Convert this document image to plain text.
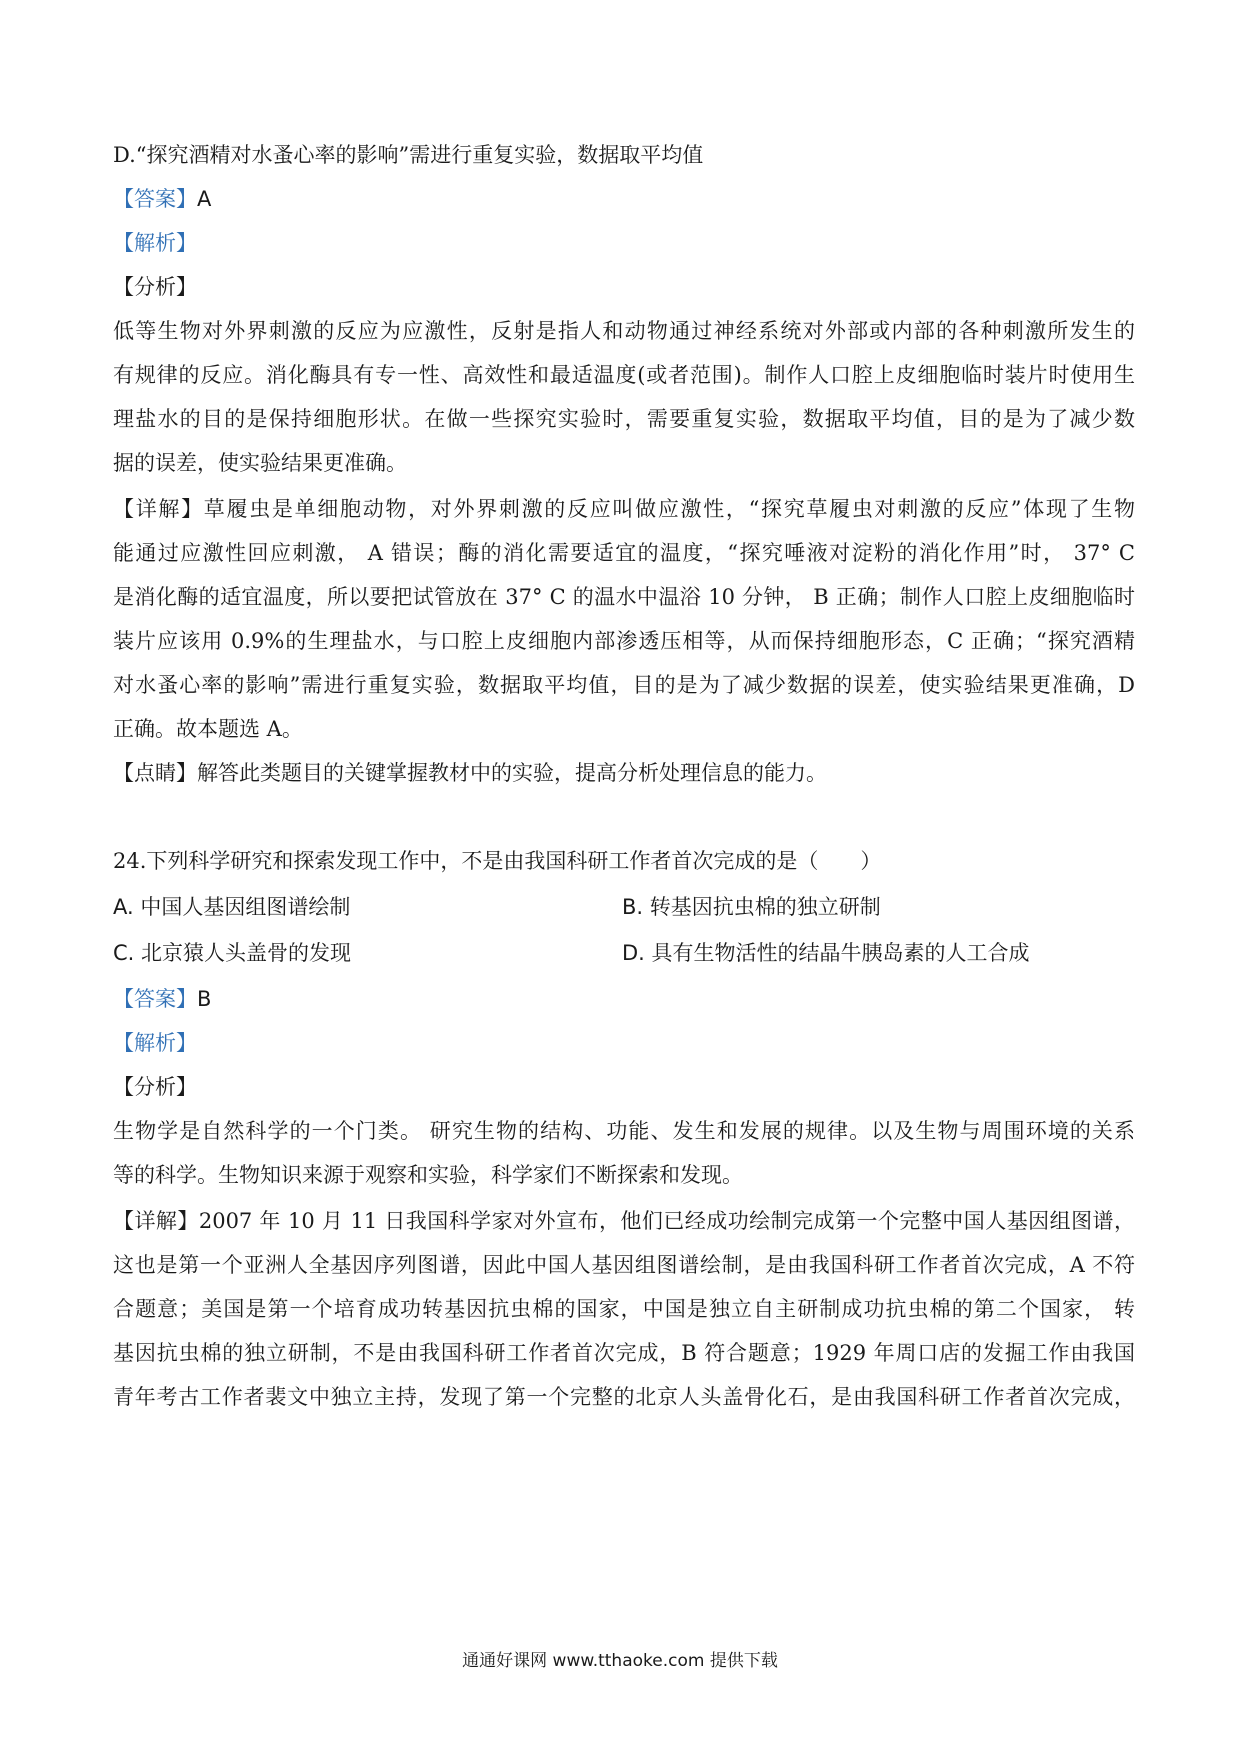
D.“探究酒精对水蚤心率的影响”需进行重复实验，数据取平均值
【答案】A
【解析】
【分析】
低等生物对外界刺激的反应为应激性，反射是指人和动物通过神经系统对外部或内部的各种刺激所发生的
有规律的反应。消化酶具有专一性、高效性和最适温度(或者范围)。制作人口腔上皮细胞临时装片时使用生
理盐水的目的是保持细胞形状。在做一些探究实验时，需要重复实验，数据取平均值，目的是为了减少数
据的误差，使实验结果更准确。
【详解】草履虫是单细胞动物，对外界刺激的反应叫做应激性，“探究草履虫对刺激的反应”体现了生物
能通过应激性回应刺激， A 错误；酶的消化需要适宜的温度，“探究唾液对淀粉的消化作用”时， 37° C
是消化酶的适宜温度，所以要把试管放在 37° C 的温水中温浴 10 分钟， B 正确；制作人口腔上皮细胞临时
装片应该用 0.9%的生理盐水，与口腔上皮细胞内部渗透压相等，从而保持细胞形态，C 正确；“探究酒精
对水蚤心率的影响”需进行重复实验，数据取平均值，目的是为了减少数据的误差，使实验结果更准确，D
正确。故本题选 A。
【点睛】解答此类题目的关键掌握教材中的实验，提高分析处理信息的能力。
24.下列科学研究和探索发现工作中，不是由我国科研工作者首次完成的是（　　）
A. 中国人基因组图谱绘制	B. 转基因抗虫棉的独立研制
C. 北京猿人头盖骨的发现	D. 具有生物活性的结晶牛胰岛素的人工合成
【答案】B
【解析】
【分析】
生物学是自然科学的一个门类。 研究生物的结构、功能、发生和发展的规律。以及生物与周围环境的关系
等的科学。生物知识来源于观察和实验，科学家们不断探索和发现。
【详解】2007 年 10 月 11 日我国科学家对外宣布，他们已经成功绘制完成第一个完整中国人基因组图谱，
这也是第一个亚洲人全基因序列图谱，因此中国人基因组图谱绘制，是由我国科研工作者首次完成，A 不符
合题意；美国是第一个培育成功转基因抗虫棉的国家，中国是独立自主研制成功抗虫棉的第二个国家， 转
基因抗虫棉的独立研制，不是由我国科研工作者首次完成，B 符合题意；1929 年周口店的发掘工作由我国
青年考古工作者裴文中独立主持，发现了第一个完整的北京人头盖骨化石，是由我国科研工作者首次完成，
通通好课网 www.tthaoke.com 提供下载
